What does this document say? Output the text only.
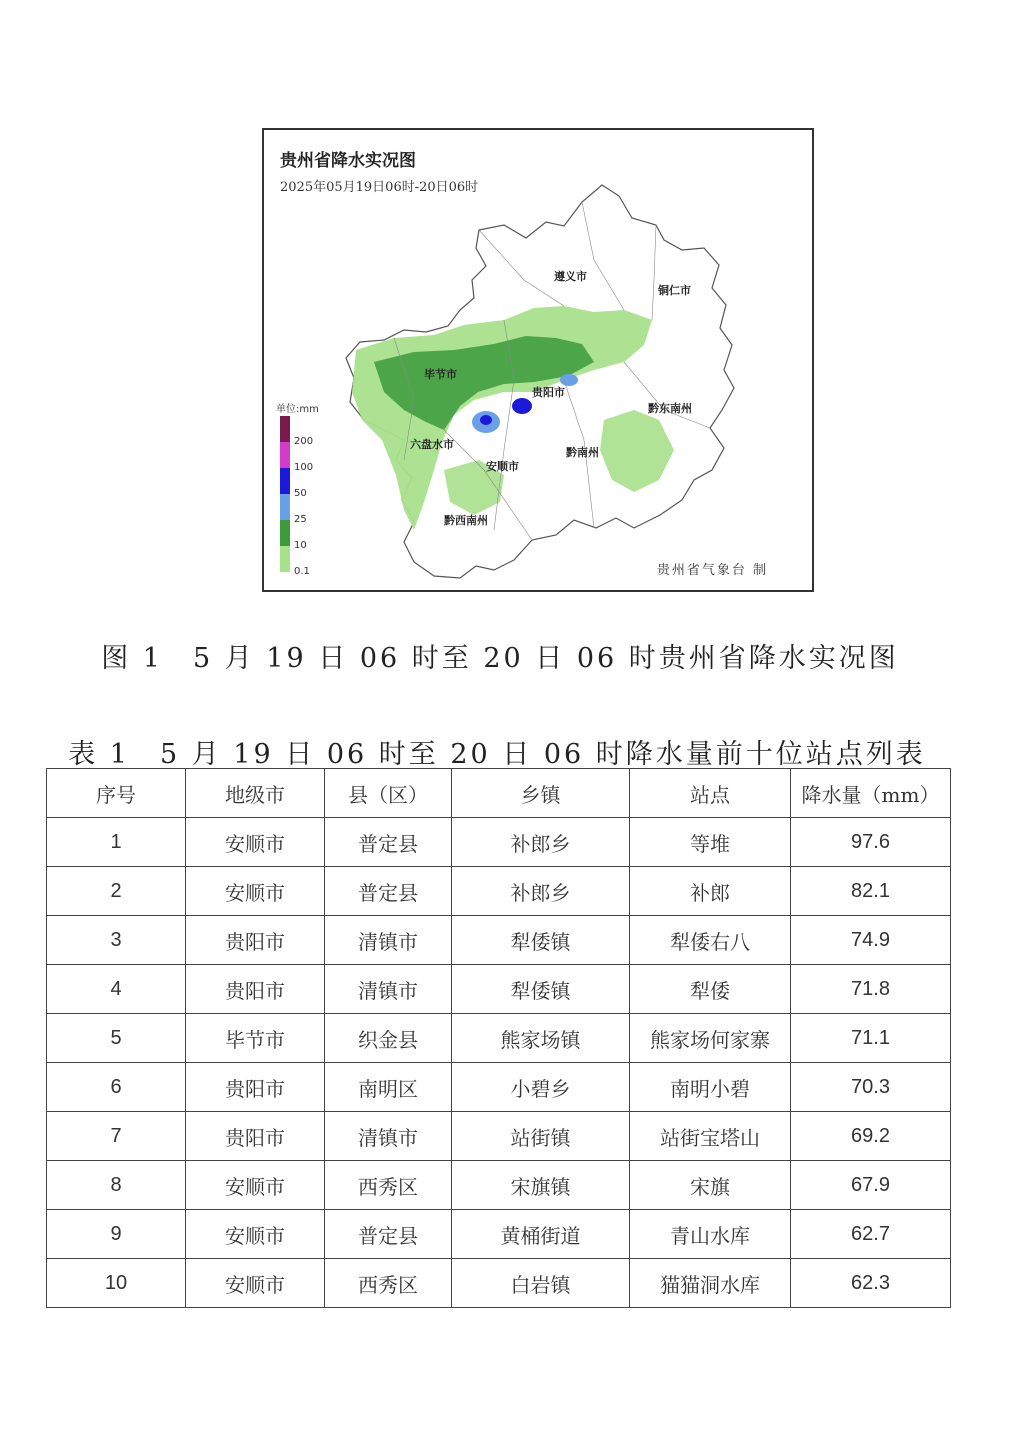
贵州省降水实况图
2025年05月19日06时-20日06时
单位:mm
200
100
50
25
10
0.1
遵义市
铜仁市
毕节市
贵阳市
黔东南州
六盘水市
安顺市
黔南州
黔西南州
贵州省气象台 制
图 1　5 月 19 日 06 时至 20 日 06 时贵州省降水实况图
表 1　5 月 19 日 06 时至 20 日 06 时降水量前十位站点列表
序号	地级市	县（区）	乡镇	站点	降水量（mm）
1	安顺市	普定县	补郎乡	等堆	97.6
2	安顺市	普定县	补郎乡	补郎	82.1
3	贵阳市	清镇市	犁倭镇	犁倭右八	74.9
4	贵阳市	清镇市	犁倭镇	犁倭	71.8
5	毕节市	织金县	熊家场镇	熊家场何家寨	71.1
6	贵阳市	南明区	小碧乡	南明小碧	70.3
7	贵阳市	清镇市	站街镇	站街宝塔山	69.2
8	安顺市	西秀区	宋旗镇	宋旗	67.9
9	安顺市	普定县	黄桶街道	青山水库	62.7
10	安顺市	西秀区	白岩镇	猫猫洞水库	62.3
